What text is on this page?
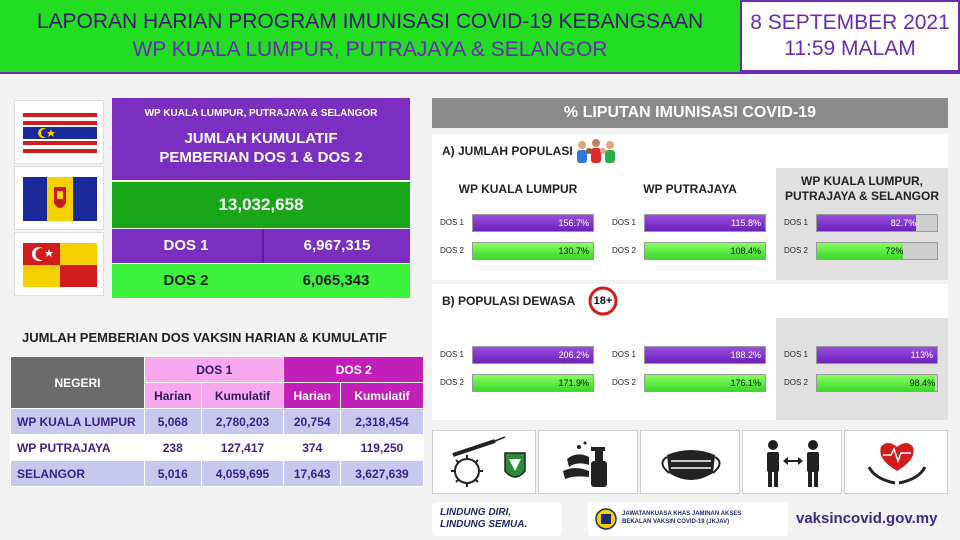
LAPORAN HARIAN PROGRAM IMUNISASI COVID-19 KEBANGSAAN
WP KUALA LUMPUR, PUTRAJAYA & SELANGOR
8 SEPTEMBER 2021
11:59 MALAM
WP KUALA LUMPUR, PUTRAJAYA & SELANGOR
JUMLAH KUMULATIF
PEMBERIAN DOS 1 & DOS 2
13,032,658
DOS 1	6,967,315
DOS 2	6,065,343
JUMLAH PEMBERIAN DOS VAKSIN HARIAN & KUMULATIF
NEGERI	DOS 1		DOS 2	
	Harian	Kumulatif	Harian	Kumulatif
WP KUALA LUMPUR	5,068	2,780,203	20,754	2,318,454
WP PUTRAJAYA	238	127,417	374	119,250
SELANGOR	5,016	4,059,695	17,643	3,627,639
% LIPUTAN IMUNISASI COVID-19
A) JUMLAH POPULASI
WP KUALA LUMPUR	WP PUTRAJAYA
WP KUALA LUMPUR,
PUTRAJAYA & SELANGOR
B) POPULASI DEWASA	18+
DOS 1	156.7%
DOS 2	130.7%
DOS 1	115.8%
DOS 2	108.4%
DOS 1	82.7%
DOS 2	72%
DOS 1	206.2%
DOS 2	171.9%
DOS 1	188.2%
DOS 2	176.1%
DOS 1	113%
DOS 2	98.4%
LINDUNG DIRI,
LINDUNG SEMUA.
JAWATANKUASA KHAS JAMINAN AKSES
BEKALAN VAKSIN COVID-19 (JKJAV)	vaksincovid.gov.my
